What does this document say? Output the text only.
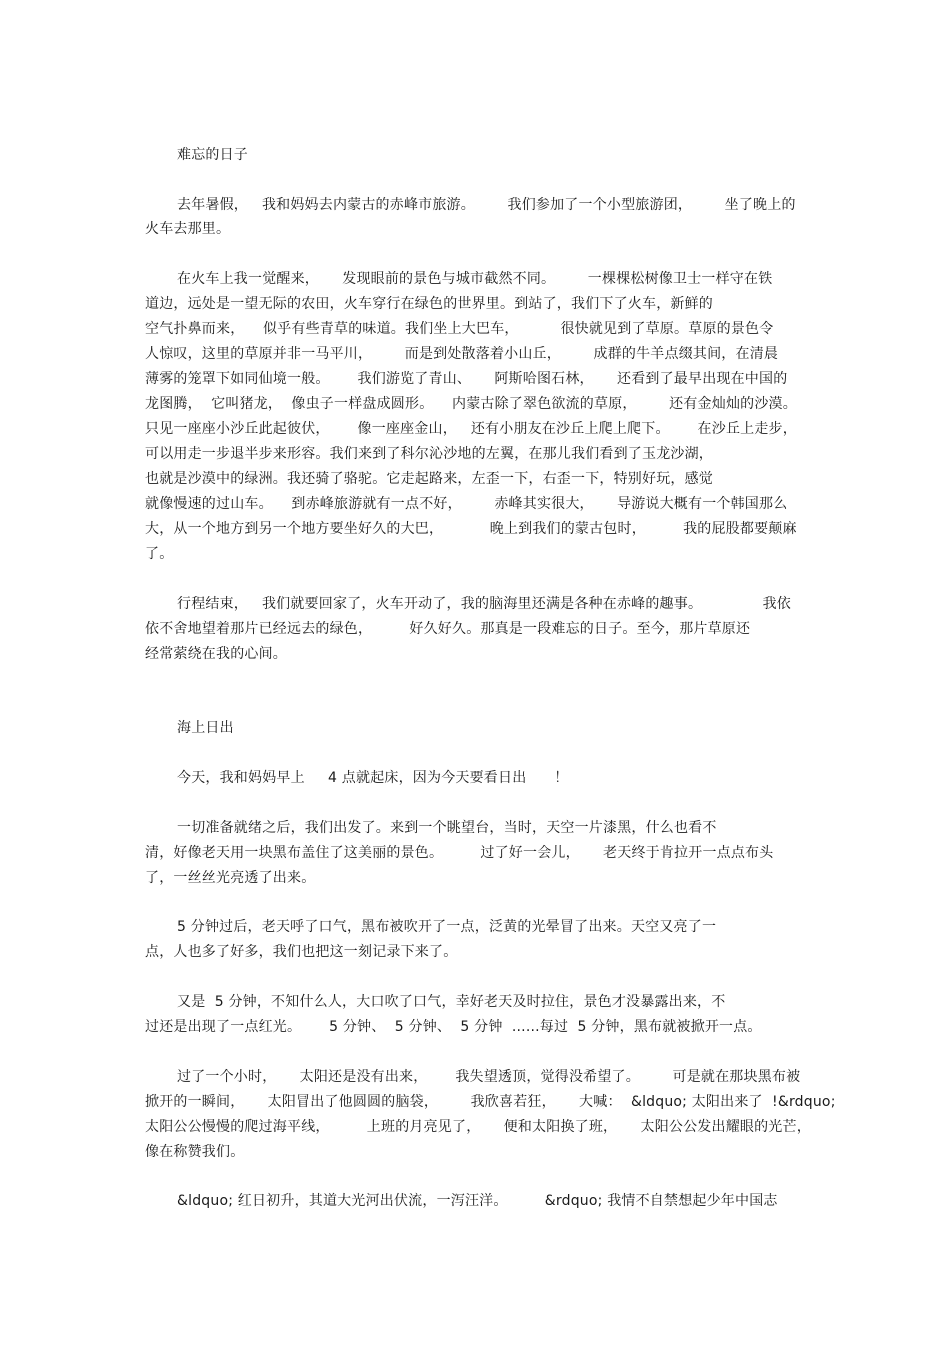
难忘的日子
去年暑假，   我和妈妈去内蒙古的赤峰市旅游。       我们参加了一个小型旅游团，       坐了晚上的
火车去那里。
在火车上我一觉醒来，     发现眼前的景色与城市截然不同。       一棵棵松树像卫士一样守在铁
道边，远处是一望无际的农田，火车穿行在绿色的世界里。到站了，我们下了火车，新鲜的
空气扑鼻而来，    似乎有些青草的味道。我们坐上大巴车，         很快就见到了草原。草原的景色令
人惊叹，这里的草原并非一马平川，       而是到处散落着小山丘，       成群的牛羊点缀其间，在清晨
薄雾的笼罩下如同仙境一般。      我们游览了青山、     阿斯哈图石林，     还看到了最早出现在中国的
龙图腾，  它叫猪龙，  像虫子一样盘成圆形。    内蒙古除了翠色欲流的草原，       还有金灿灿的沙漠。
只见一座座小沙丘此起彼伏，      像一座座金山，   还有小朋友在沙丘上爬上爬下。      在沙丘上走步，
可以用走一步退半步来形容。我们来到了科尔沁沙地的左翼，在那儿我们看到了玉龙沙湖，
也就是沙漠中的绿洲。我还骑了骆驼。它走起路来，左歪一下，右歪一下，特别好玩，感觉
就像慢速的过山车。    到赤峰旅游就有一点不好，       赤峰其实很大，     导游说大概有一个韩国那么
大，从一个地方到另一个地方要坐好久的大巴，          晚上到我们的蒙古包时，        我的屁股都要颠麻
了。
行程结束，   我们就要回家了，火车开动了，我的脑海里还满是各种在赤峰的趣事。             我依
依不舍地望着那片已经远去的绿色，        好久好久。那真是一段难忘的日子。至今，那片草原还
经常萦绕在我的心间。
海上日出
今天，我和妈妈早上     4 点就起床，因为今天要看日出      ！
一切准备就绪之后，我们出发了。来到一个眺望台，当时，天空一片漆黑，什么也看不
清，好像老天用一块黑布盖住了这美丽的景色。        过了好一会儿，     老天终于肯拉开一点点布头
了，一丝丝光亮透了出来。
5 分钟过后，老天呼了口气，黑布被吹开了一点，泛黄的光晕冒了出来。天空又亮了一
点，人也多了好多，我们也把这一刻记录下来了。
又是  5 分钟，不知什么人，大口吹了口气，幸好老天及时拉住，景色才没暴露出来，不
过还是出现了一点红光。      5 分钟、  5 分钟、  5 分钟  ......每过  5 分钟，黑布就被掀开一点。
过了一个小时，     太阳还是没有出来，      我失望透顶，觉得没希望了。       可是就在那块黑布被
掀开的一瞬间，     太阳冒出了他圆圆的脑袋，       我欣喜若狂，     大喊：  &ldquo; 太阳出来了  !&rdquo;
太阳公公慢慢的爬过海平线，        上班的月亮见了，     便和太阳换了班，     太阳公公发出耀眼的光芒，
像在称赞我们。
&ldquo; 红日初升，其道大光河出伏流，一泻汪洋。        &rdquo; 我情不自禁想起少年中国志
